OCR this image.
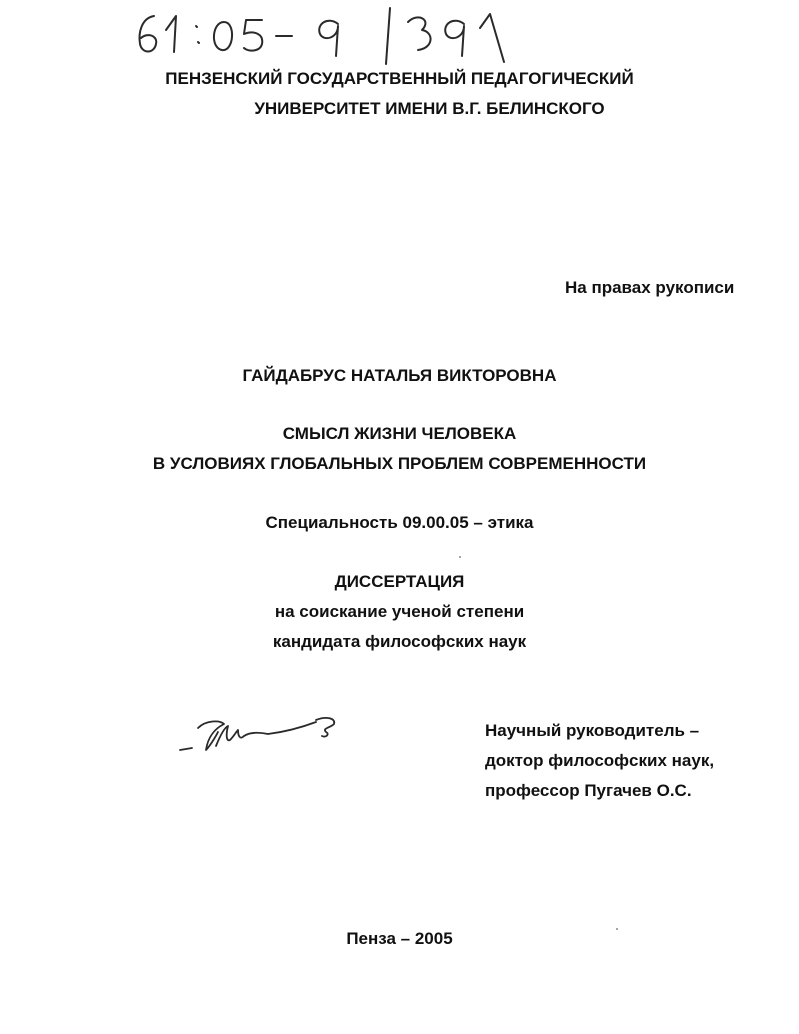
ПЕНЗЕНСКИЙ ГОСУДАРСТВЕННЫЙ ПЕДАГОГИЧЕСКИЙ
УНИВЕРСИТЕТ ИМЕНИ В.Г. БЕЛИНСКОГО
На правах рукописи
ГАЙДАБРУС НАТАЛЬЯ ВИКТОРОВНА
СМЫСЛ ЖИЗНИ ЧЕЛОВЕКА
В УСЛОВИЯХ ГЛОБАЛЬНЫХ ПРОБЛЕМ СОВРЕМЕННОСТИ
Специальность 09.00.05 – этика
ДИССЕРТАЦИЯ
на соискание ученой степени
кандидата философских наук
Научный руководитель –
доктор философских наук,
профессор Пугачев О.С.
Пенза – 2005
